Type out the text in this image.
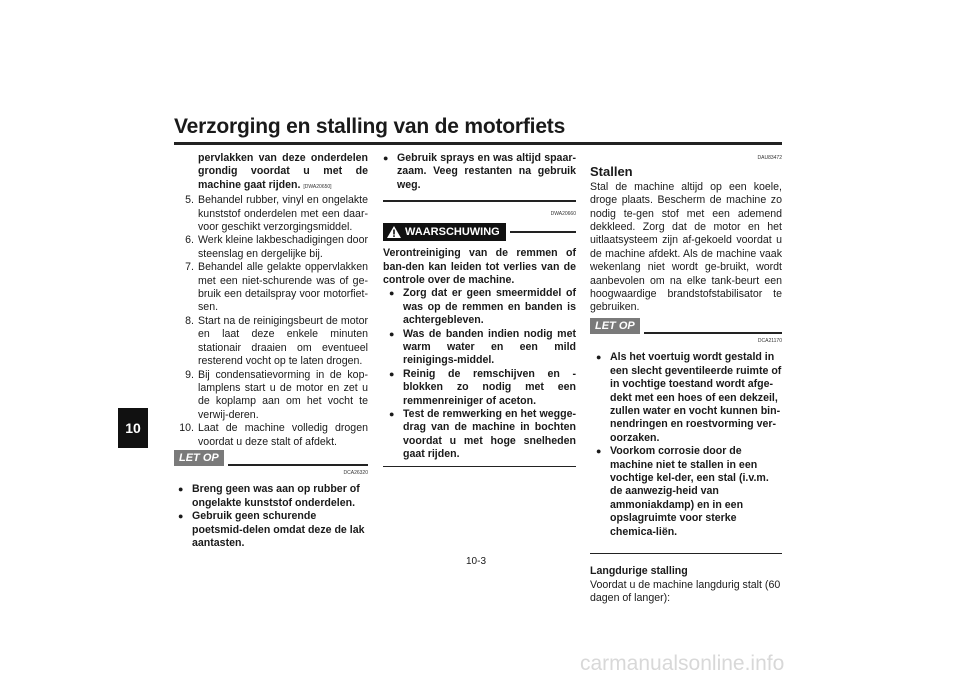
Verzorging en stalling van de motorfiets
10
pervlakken van deze onderdelen grondig voordat u met de machine gaat rijden. [DWA20650]
5. Behandel rubber, vinyl en ongelakte kunststof onderdelen met een daar-voor geschikt verzorgingsmiddel.
6. Werk kleine lakbeschadigingen door steenslag en dergelijke bij.
7. Behandel alle gelakte oppervlakken met een niet-schurende was of ge-bruik een detailspray voor motorfiet-sen.
8. Start na de reinigingsbeurt de motor en laat deze enkele minuten stationair draaien om eventueel resterend vocht op te laten drogen.
9. Bij condensatievorming in de kop-lamplens start u de motor en zet u de koplamp aan om het vocht te verwij-deren.
10. Laat de machine volledig drogen voordat u deze stalt of afdekt.
LET OP
DCA26320
● Breng geen was aan op rubber of ongelakte kunststof onderdelen.
● Gebruik geen schurende poetsmid-delen omdat deze de lak aantasten.
● Gebruik sprays en was altijd spaar-zaam. Veeg restanten na gebruik weg.
DWA20660
WAARSCHUWING
Verontreiniging van de remmen of ban-den kan leiden tot verlies van de controle over de machine.
● Zorg dat er geen smeermiddel of was op de remmen en banden is achtergebleven.
● Was de banden indien nodig met warm water en een mild reinigings-middel.
● Reinig de remschijven en -blokken zo nodig met een remmenreiniger of aceton.
● Test de remwerking en het wegge-drag van de machine in bochten voordat u met hoge snelheden gaat rijden.
DAU83472
Stallen
Stal de machine altijd op een koele, droge plaats. Bescherm de machine zo nodig te-gen stof met een ademend dekkleed. Zorg dat de motor en het uitlaatsysteem zijn af-gekoeld voordat u de machine afdekt. Als de machine vaak wekenlang niet wordt ge-bruikt, wordt aanbevolen om na elke tank-beurt een hoogwaardige brandstofstabilisator te gebruiken.
LET OP
DCA21170
● Als het voertuig wordt gestald in een slecht geventileerde ruimte of in vochtige toestand wordt afge-dekt met een hoes of een dekzeil, zullen water en vocht kunnen bin-nendringen en roestvorming ver-oorzaken.
● Voorkom corrosie door de machine niet te stallen in een vochtige kel-der, een stal (i.v.m. de aanwezig-heid van ammoniakdamp) en in een opslagruimte voor sterke chemica-liën.
Langdurige stalling
Voordat u de machine langdurig stalt (60 dagen of langer):
10-3
carmanualsonline.info
